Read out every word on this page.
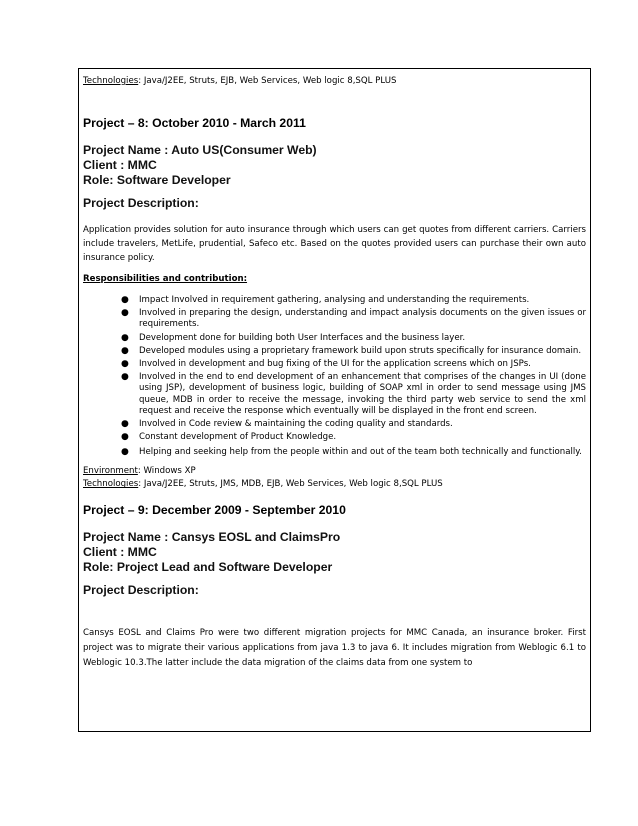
Technologies: Java/J2EE, Struts, EJB, Web Services, Web logic 8,SQL PLUS
Project – 8: October 2010 - March 2011
Project Name : Auto US(Consumer Web)
Client : MMC
Role: Software Developer
Project Description:
Application provides solution for auto insurance through which users can get quotes from different carriers. Carriers include travelers, MetLife, prudential, Safeco etc. Based on the quotes provided users can purchase their own auto insurance policy.
Responsibilities and contribution:
● Impact Involved in requirement gathering, analysing and understanding the requirements.
● Involved in preparing the design, understanding and impact analysis documents on the given issues or requirements.
● Development done for building both User Interfaces and the business layer.
● Developed modules using a proprietary framework build upon struts specifically for insurance domain.
● Involved in development and bug fixing of the UI for the application screens which on JSPs.
● Involved in the end to end development of an enhancement that comprises of the changes in UI (done using JSP), development of business logic, building of SOAP xml in order to send message using JMS queue, MDB in order to receive the message, invoking the third party web service to send the xml request and receive the response which eventually will be displayed in the front end screen.
● Involved in Code review & maintaining the coding quality and standards.
● Constant development of Product Knowledge.
● Helping and seeking help from the people within and out of the team both technically and functionally.
Environment: Windows XP
Technologies: Java/J2EE, Struts, JMS, MDB, EJB, Web Services, Web logic 8,SQL PLUS
Project – 9: December 2009 - September 2010
Project Name : Cansys EOSL and ClaimsPro
Client : MMC
Role: Project Lead and Software Developer
Project Description:
Cansys EOSL and Claims Pro were two different migration projects for MMC Canada, an insurance broker. First project was to migrate their various applications from java 1.3 to java 6. It includes migration from Weblogic 6.1 to Weblogic 10.3.The latter include the data migration of the claims data from one system to
